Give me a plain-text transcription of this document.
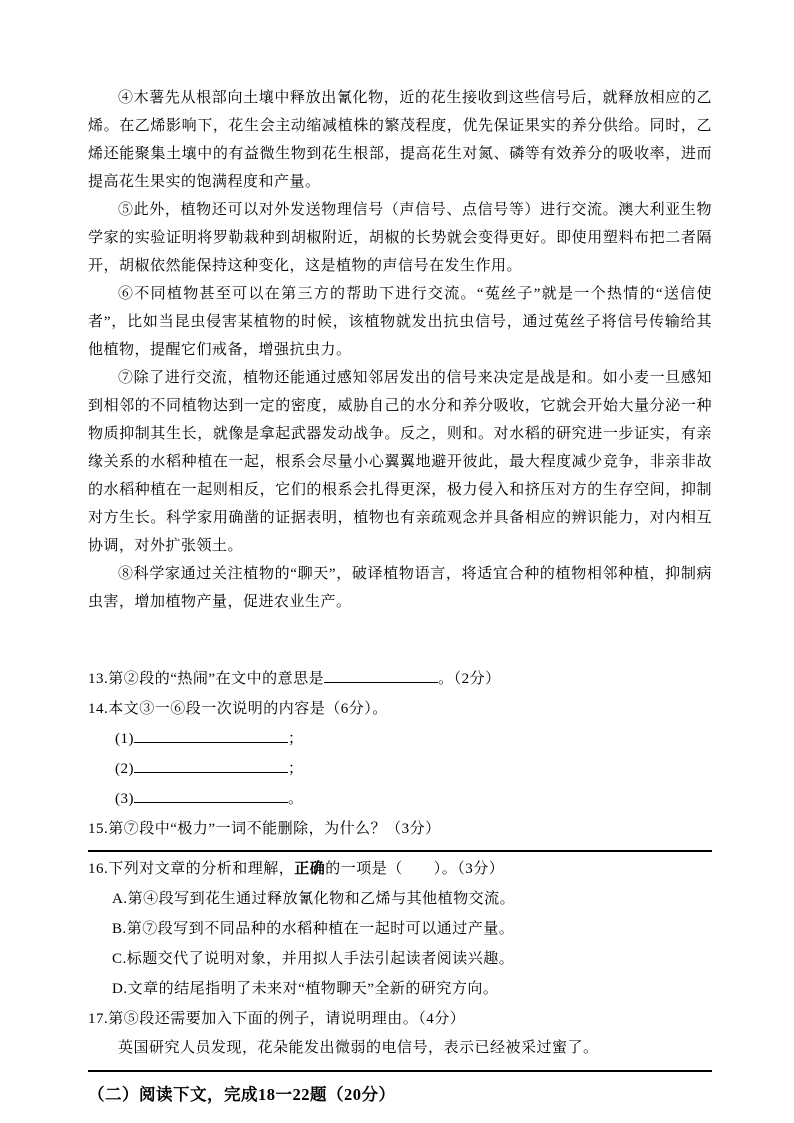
④木薯先从根部向土壤中释放出氰化物，近的花生接收到这些信号后，就释放相应的乙烯。在乙烯影响下，花生会主动缩减植株的繁茂程度，优先保证果实的养分供给。同时，乙烯还能聚集土壤中的有益微生物到花生根部，提高花生对氮、磷等有效养分的吸收率，进而提高花生果实的饱满程度和产量。

⑤此外，植物还可以对外发送物理信号（声信号、点信号等）进行交流。澳大利亚生物学家的实验证明将罗勒栽种到胡椒附近，胡椒的长势就会变得更好。即使用塑料布把二者隔开，胡椒依然能保持这种变化，这是植物的声信号在发生作用。

⑥不同植物甚至可以在第三方的帮助下进行交流。“菟丝子”就是一个热情的“送信使者”，比如当昆虫侵害某植物的时候，该植物就发出抗虫信号，通过菟丝子将信号传输给其他植物，提醒它们戒备，增强抗虫力。

⑦除了进行交流，植物还能通过感知邻居发出的信号来决定是战是和。如小麦一旦感知到相邻的不同植物达到一定的密度，威胁自己的水分和养分吸收，它就会开始大量分泌一种物质抑制其生长，就像是拿起武器发动战争。反之，则和。对水稻的研究进一步证实，有亲缘关系的水稻种植在一起，根系会尽量小心翼翼地避开彼此，最大程度减少竞争，非亲非故的水稻种植在一起则相反，它们的根系会扎得更深，极力侵入和挤压对方的生存空间，抑制对方生长。科学家用确凿的证据表明，植物也有亲疏观念并具备相应的辨识能力，对内相互协调，对外扩张领土。

⑧科学家通过关注植物的“聊天”，破译植物语言，将适宜合种的植物相邻种植，抑制病虫害，增加植物产量，促进农业生产。

13.第②段的“热闹”在文中的意思是	。（2分）

14.本文③一⑥段一次说明的内容是（6分）。

(1)	；

(2)	；

(3)	。

15.第⑦段中“极力”一词不能删除，为什么？（3分）

16.下列对文章的分析和理解，正确的一项是（　　）。（3分）

A.第④段写到花生通过释放氰化物和乙烯与其他植物交流。

B.第⑦段写到不同品种的水稻种植在一起时可以通过产量。

C.标题交代了说明对象，并用拟人手法引起读者阅读兴趣。

D.文章的结尾指明了未来对“植物聊天”全新的研究方向。

17.第⑤段还需要加入下面的例子，请说明理由。（4分）

英国研究人员发现，花朵能发出微弱的电信号，表示已经被采过蜜了。

（二）阅读下文，完成18一22题（20分）
